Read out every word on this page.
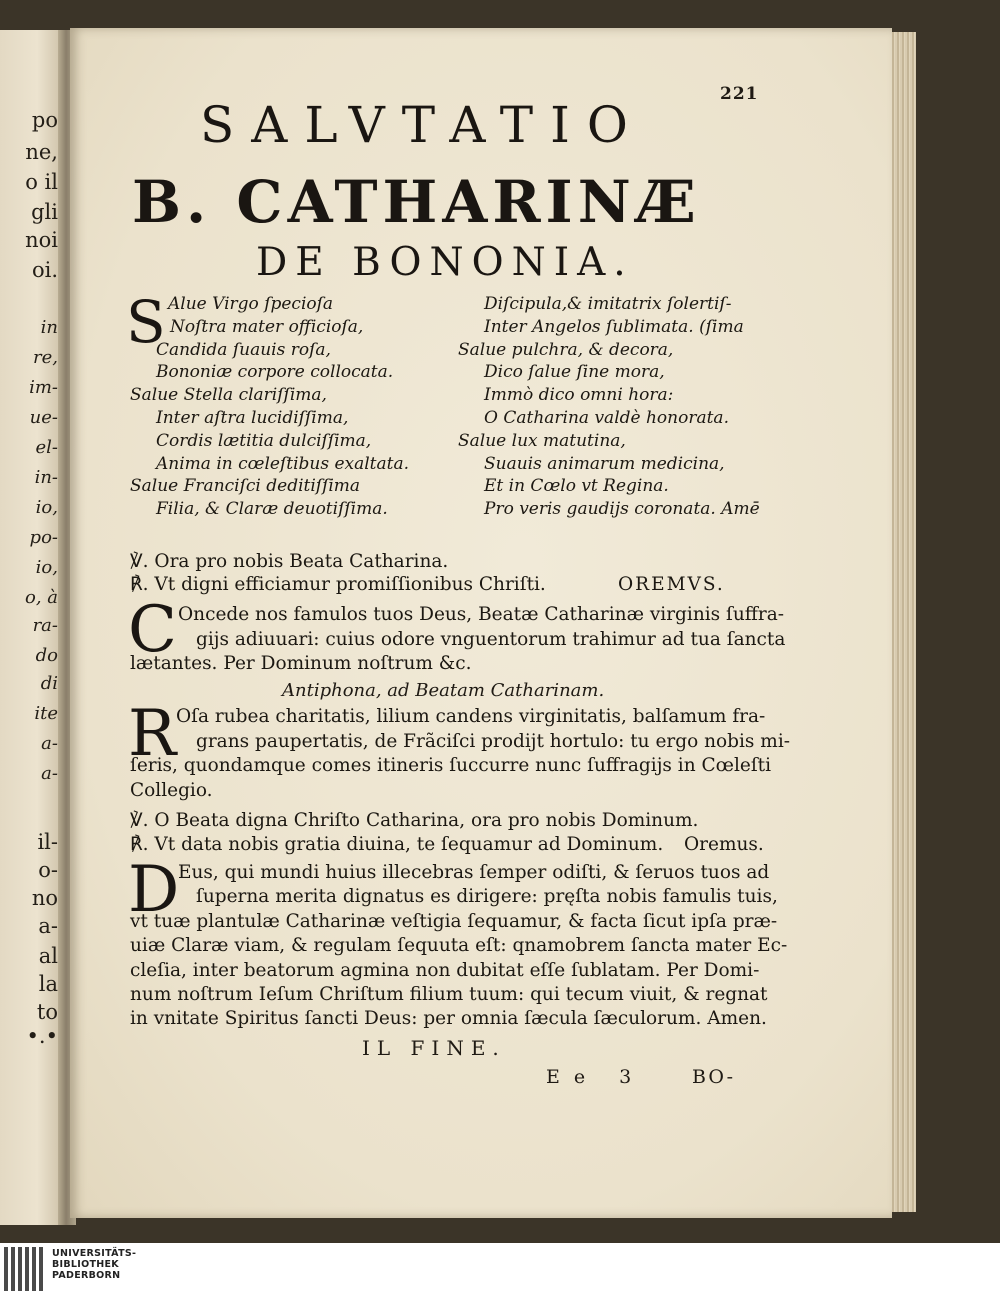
po
ne,
o il
gli
noi
oi.
in
re,
im-
ue-
el-
in-
io,
po-
io,
o, à
ra-
do
di
ite
a-
a-
il-
o-
no
a-
al
la
to
•.•
221
SALVTATIO
B. CATHARINÆ
DE BONONIA.
S Alue Virgo ſpecioſa
Noſtra mater officioſa,
Candida ſuauis roſa,
Bononiæ corpore collocata.
Salue Stella clariſſima,
Inter aſtra lucidiſſima,
Cordis lætitia dulciſſima,
Anima in cœleſtibus exaltata.
Salue Franciſci deditiſſima
Filia, & Claræ deuotiſſima.
Diſcipula,& imitatrix ſolertiſ-
Inter Angelos ſublimata. (ſima
Salue pulchra, & decora,
Dico ſalue ſine mora,
Immò dico omni hora:
O Catharina valdè honorata.
Salue lux matutina,
Suauis animarum medicina,
Et in Cœlo vt Regina.
Pro veris gaudijs coronata. Amē
℣. Ora pro nobis Beata Catharina.
℟. Vt digni efficiamur promiſſionibus Chriſti.	OREMVS.
C Oncede nos famulos tuos Deus, Beatæ Catharinæ virginis ſuffra-
gijs adiuuari: cuius odore vnguentorum trahimur ad tua ſancta
lætantes. Per Dominum noſtrum &c.
Antiphona, ad Beatam Catharinam.
R Oſa rubea charitatis, lilium candens virginitatis, balſamum fra-
grans paupertatis, de Frãciſci prodijt hortulo: tu ergo nobis mi-
ſeris, quondamque comes itineris ſuccurre nunc ſuffragijs in Cœleſti
Collegio.
℣. O Beata digna Chriſto Catharina, ora pro nobis Dominum.
℟. Vt data nobis gratia diuina, te ſequamur ad Dominum. Oremus.
D
Eus, qui mundi huius illecebras ſemper odiſti, & ſeruos tuos ad
ſuperna merita dignatus es dirigere: pręſta nobis famulis tuis,
vt tuæ plantulæ Catharinæ veſtigia ſequamur, & facta ſicut ipſa præ-
uiæ Claræ viam, & regulam ſequuta eſt: qnamobrem ſancta mater Ec-
cleſia, inter beatorum agmina non dubitat eſſe ſublatam. Per Domi-
num noſtrum Ieſum Chriſtum filium tuum: qui tecum viuit, & regnat
in vnitate Spiritus ſancti Deus: per omnia ſæcula ſæculorum. Amen.
IL FINE.
Ee 3 BO-
UNIVERSITÄTS-
BIBLIOTHEK
PADERBORN
